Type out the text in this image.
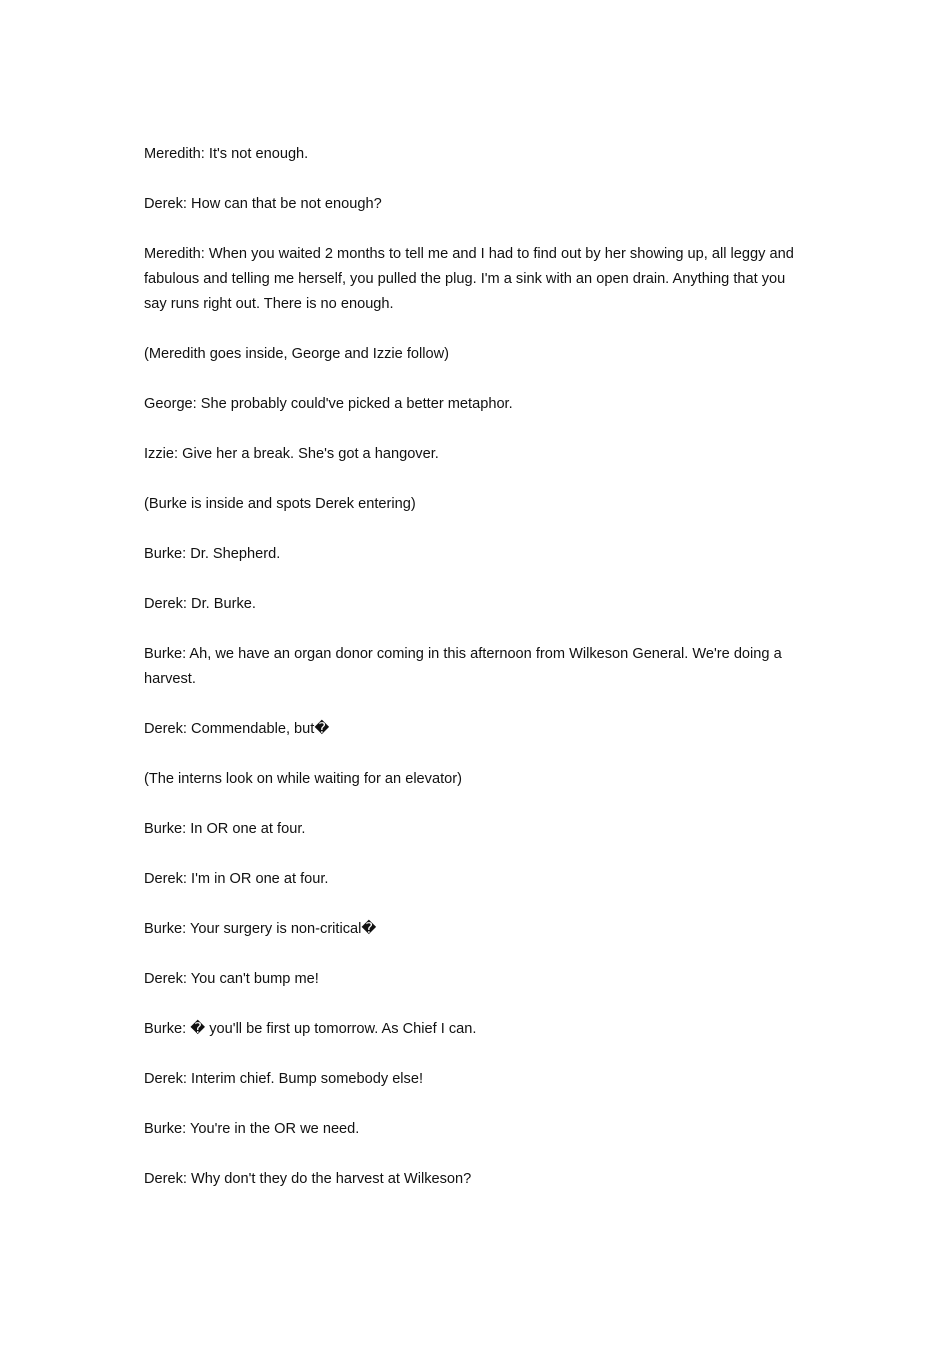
Meredith: It's not enough.

Derek: How can that be not enough?

Meredith: When you waited 2 months to tell me and I had to find out by her showing up, all leggy and fabulous and telling me herself, you pulled the plug. I'm a sink with an open drain. Anything that you say runs right out. There is no enough.

(Meredith goes inside, George and Izzie follow)

George: She probably could've picked a better metaphor.

Izzie: Give her a break. She's got a hangover.

(Burke is inside and spots Derek entering)

Burke: Dr. Shepherd.

Derek: Dr. Burke.

Burke: Ah, we have an organ donor coming in this afternoon from Wilkeson General. We're doing a harvest.

Derek: Commendable, but�

(The interns look on while waiting for an elevator)

Burke: In OR one at four.

Derek: I'm in OR one at four.

Burke: Your surgery is non-critical�

Derek: You can't bump me!

Burke: � you'll be first up tomorrow. As Chief I can.

Derek: Interim chief. Bump somebody else!

Burke: You're in the OR we need.

Derek: Why don't they do the harvest at Wilkeson?
